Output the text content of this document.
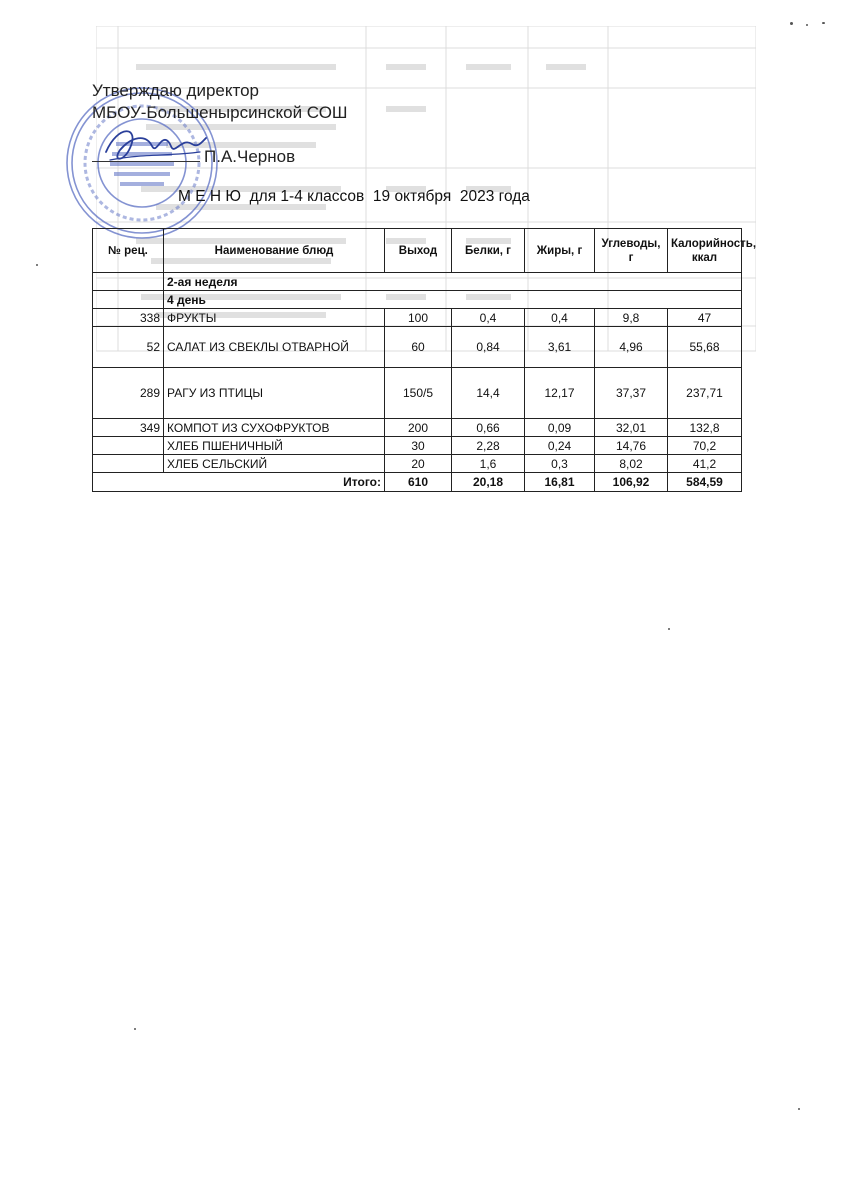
Утверждаю директор
МБОУ-Большенырсинской СОШ
П.А.Чернов
М Е Н Ю  для 1-4 классов  19 октября  2023 года
№ рец.	Наименование блюд	Выход	Белки, г	Жиры, г	Углеводы, г	Калорийность, ккал
	2-ая неделя					
	4 день					
338	ФРУКТЫ	100	0,4	0,4	9,8	47
52	САЛАТ ИЗ СВЕКЛЫ ОТВАРНОЙ	60	0,84	3,61	4,96	55,68
289	РАГУ ИЗ ПТИЦЫ	150/5	14,4	12,17	37,37	237,71
349	КОМПОТ ИЗ СУХОФРУКТОВ	200	0,66	0,09	32,01	132,8
	ХЛЕБ ПШЕНИЧНЫЙ	30	2,28	0,24	14,76	70,2
	ХЛЕБ СЕЛЬСКИЙ	20	1,6	0,3	8,02	41,2
Итого:		610	20,18	16,81	106,92	584,59
